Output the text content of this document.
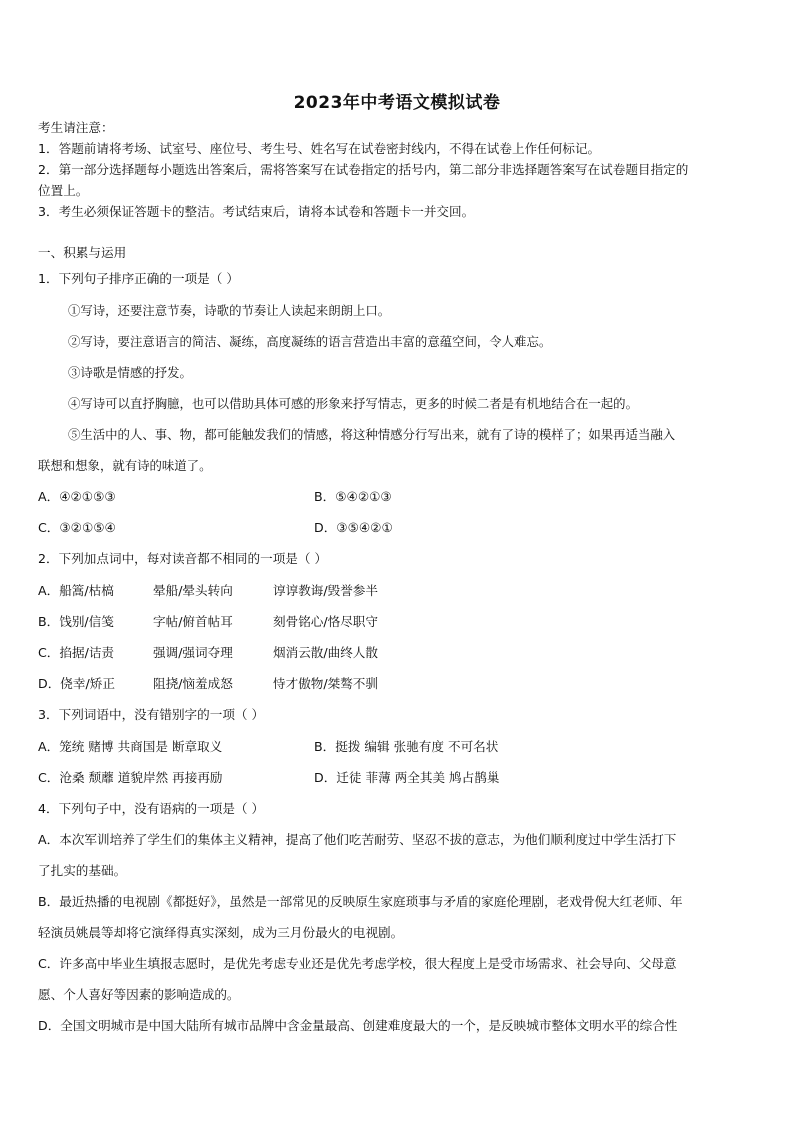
2023年中考语文模拟试卷
考生请注意：
1．答题前请将考场、试室号、座位号、考生号、姓名写在试卷密封线内，不得在试卷上作任何标记。
2．第一部分选择题每小题选出答案后，需将答案写在试卷指定的括号内，第二部分非选择题答案写在试卷题目指定的
位置上。
3．考生必须保证答题卡的整洁。考试结束后，请将本试卷和答题卡一并交回。
一、积累与运用
1．下列句子排序正确的一项是（ ）
①写诗，还要注意节奏，诗歌的节奏让人读起来朗朗上口。
②写诗，要注意语言的简洁、凝练，高度凝练的语言营造出丰富的意蕴空间，令人难忘。
③诗歌是情感的抒发。
④写诗可以直抒胸臆，也可以借助具体可感的形象来抒写情志，更多的时候二者是有机地结合在一起的。
⑤生活中的人、事、物，都可能触发我们的情感，将这种情感分行写出来，就有了诗的模样了；如果再适当融入
联想和想象，就有诗的味道了。
A．④②①⑤③	B．⑤④②①③
C．③②①⑤④	D．③⑤④②①
2．下列加点词中，每对读音都不相同的一项是（ ）
A．船篙/枯槁	晕船/晕头转向	谆谆教诲/毁誉参半
B．饯别/信笺	字帖/俯首帖耳	刻骨铭心/恪尽职守
C．掐据/诘责	强调/强词夺理	烟消云散/曲终人散
D．侥幸/矫正	阻挠/恼羞成怒	恃才傲物/桀骜不驯
3．下列词语中，没有错别字的一项（ ）
A．笼统 赌博 共商国是 断章取义	B．挺拨 编辑 张驰有度 不可名状
C．沧桑 颓蘼 道貌岸然 再接再励	D．迁徒 菲薄 两全其美 鸠占鹊巢
4．下列句子中，没有语病的一项是（ ）
A．本次军训培养了学生们的集体主义精神，提高了他们吃苦耐劳、坚忍不拔的意志，为他们顺利度过中学生活打下
了扎实的基础。
B．最近热播的电视剧《都挺好》，虽然是一部常见的反映原生家庭琐事与矛盾的家庭伦理剧，老戏骨倪大红老师、年
轻演员姚晨等却将它演绎得真实深刻，成为三月份最火的电视剧。
C．许多高中毕业生填报志愿时，是优先考虑专业还是优先考虑学校，很大程度上是受市场需求、社会导向、父母意
愿、个人喜好等因素的影响造成的。
D．全国文明城市是中国大陆所有城市品牌中含金量最高、创建难度最大的一个，是反映城市整体文明水平的综合性
